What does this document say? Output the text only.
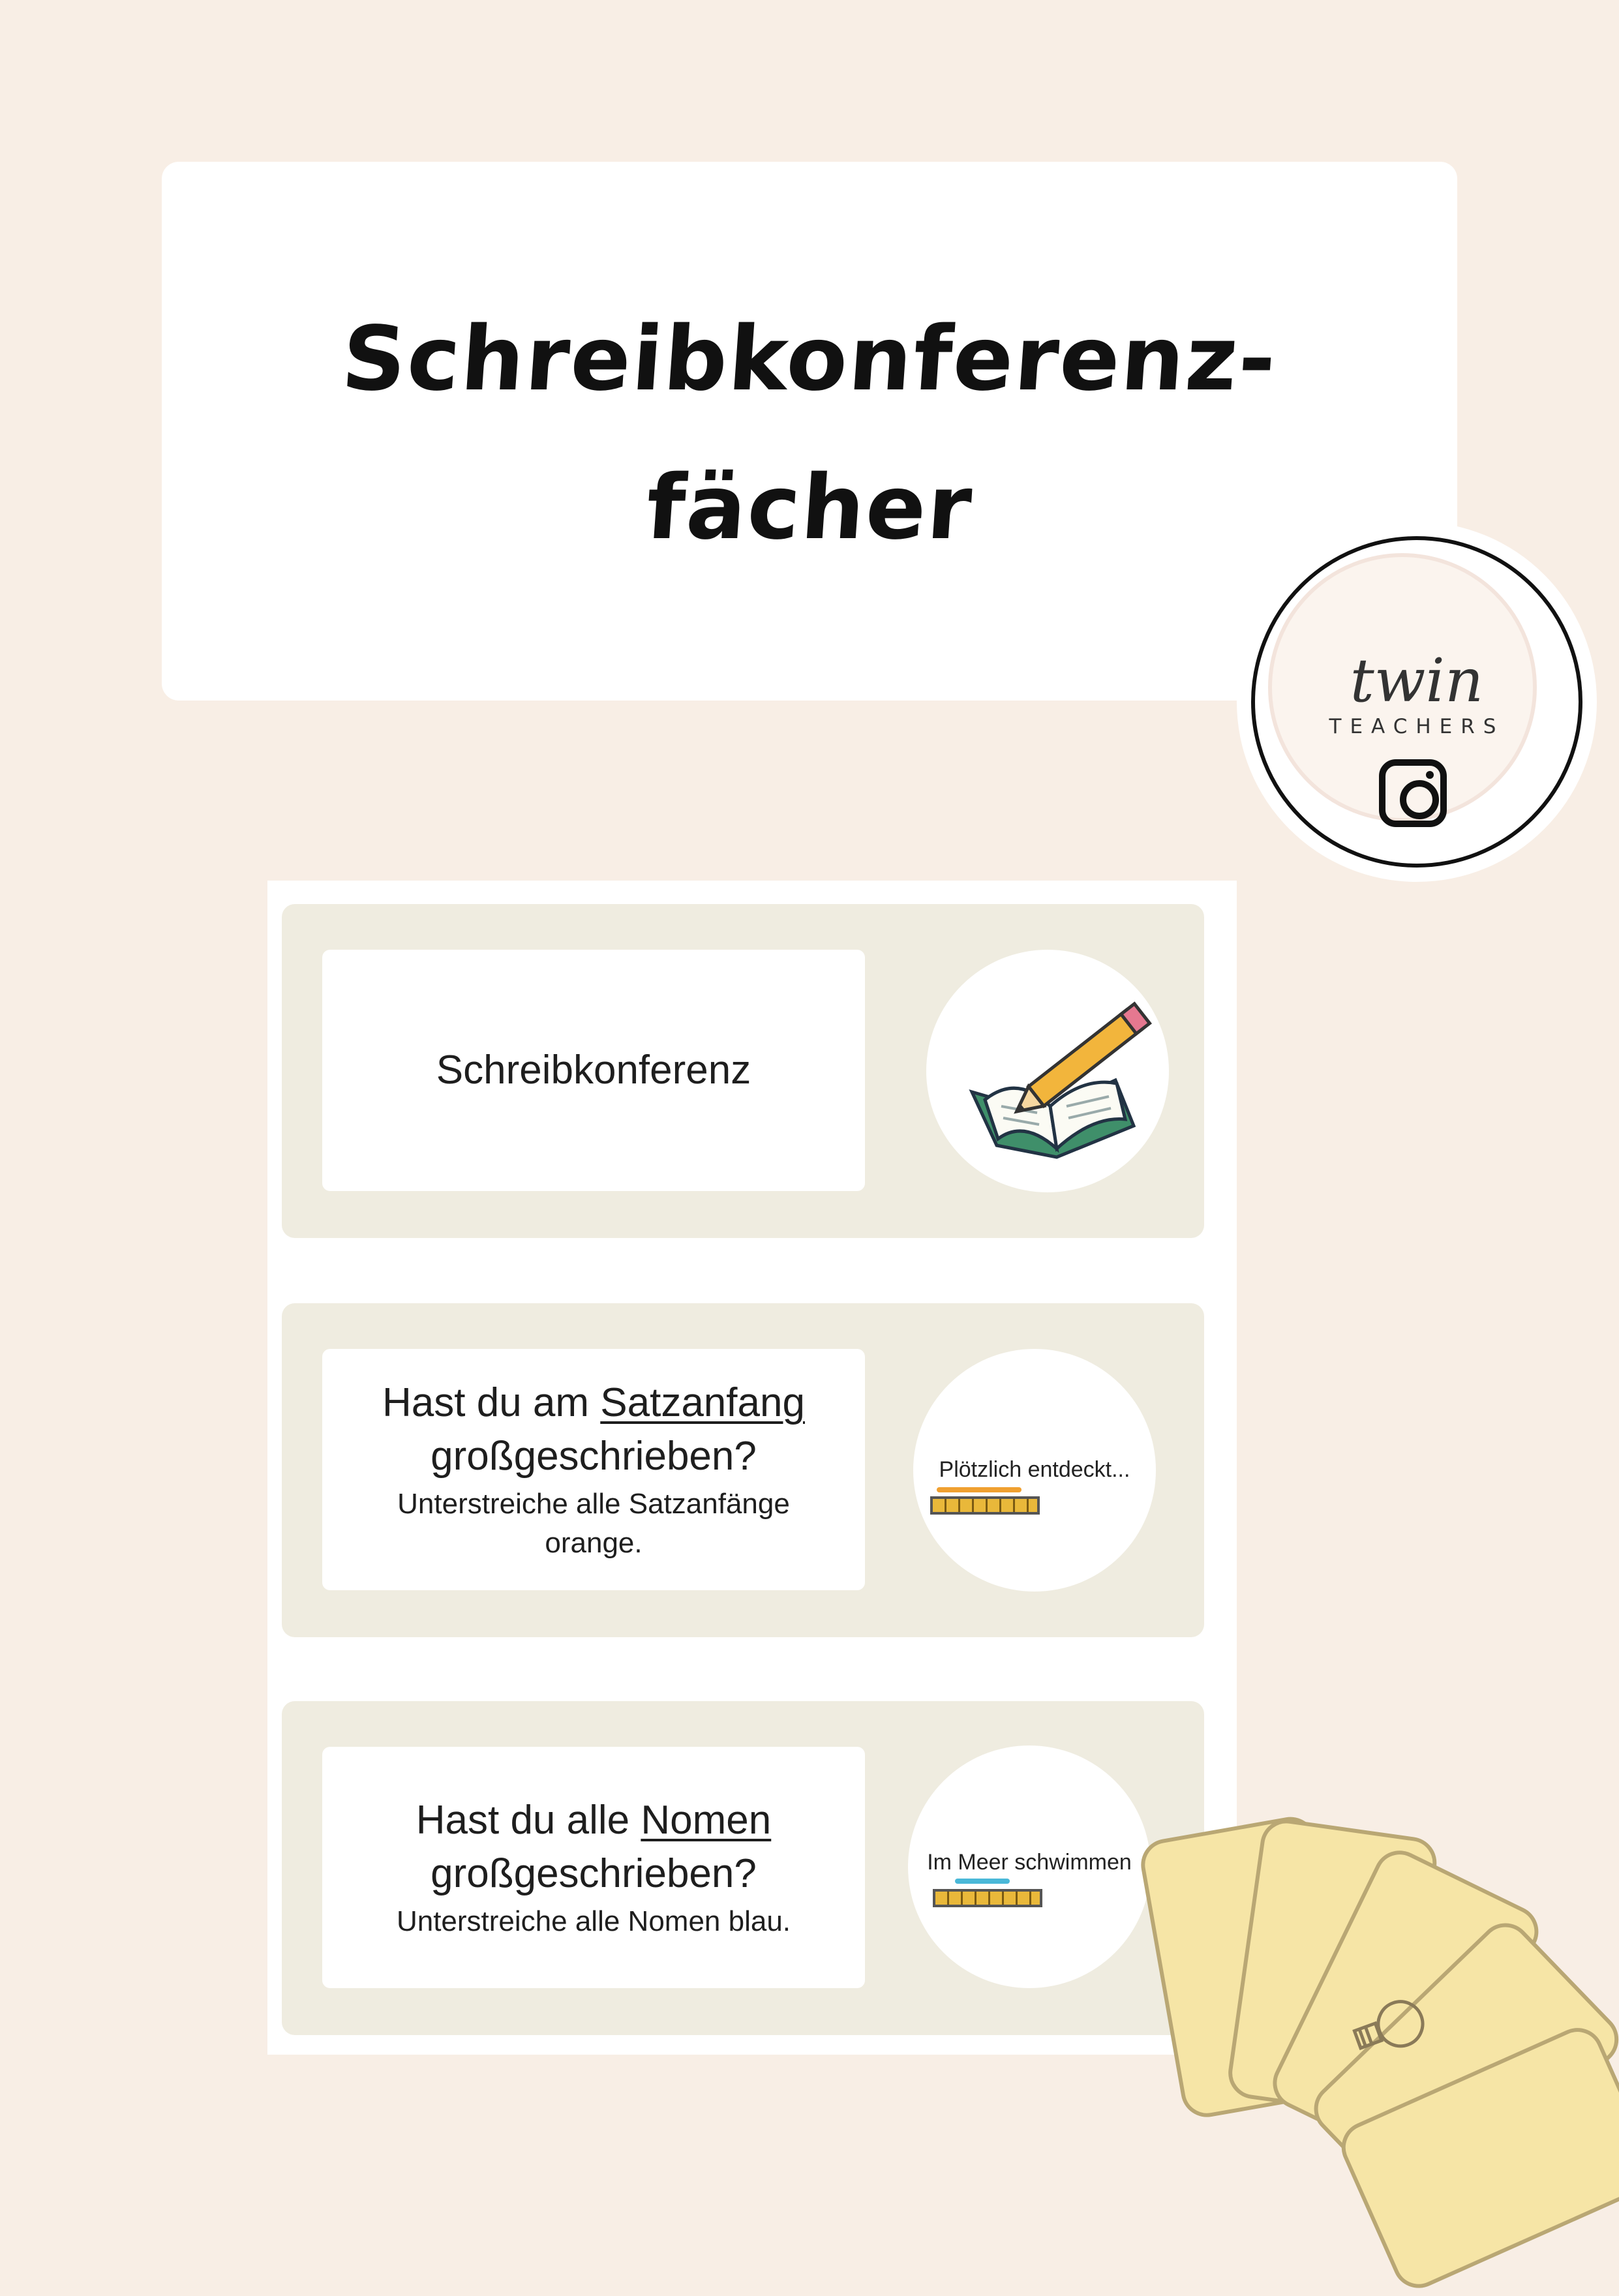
Schreibkonferenz-
fächer
twin
TEACHERS
Schreibkonferenz
Hast du am Satzanfang
großgeschrieben?
Unterstreiche alle Satzanfänge orange.
Plötzlich entdeckt...
Hast du alle Nomen
großgeschrieben?
Unterstreiche alle Nomen blau.
Im Meer schwimmen
